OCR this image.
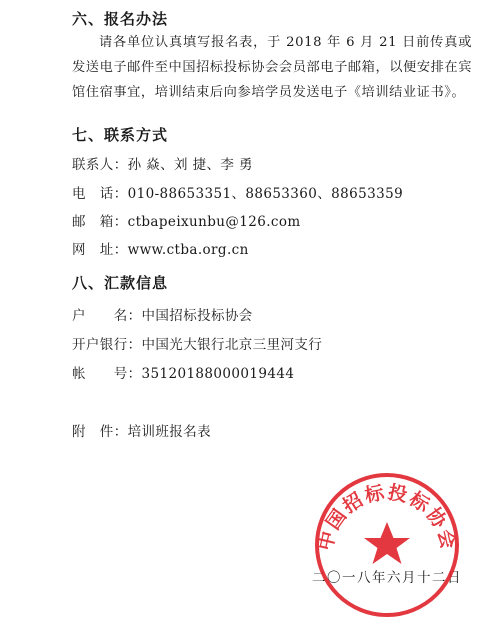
六、报名办法
请各单位认真填写报名表，于 2018 年 6 月 21 日前传真或发送电子邮件至中国招标投标协会会员部电子邮箱，以便安排在宾馆住宿事宜，培训结束后向参培学员发送电子《培训结业证书》。
七、联系方式
联系人：孙 焱、刘 捷、李 勇
电　话：010-88653351、88653360、88653359
邮　箱：ctbapeixunbu@126.com
网　址：www.ctba.org.cn
八、汇款信息
户　　名：中国招标投标协会
开户银行：中国光大银行北京三里河支行
帐　　号：35120188000019444
附　件：培训班报名表
二〇一八年六月十二日
中国招标投标协会
